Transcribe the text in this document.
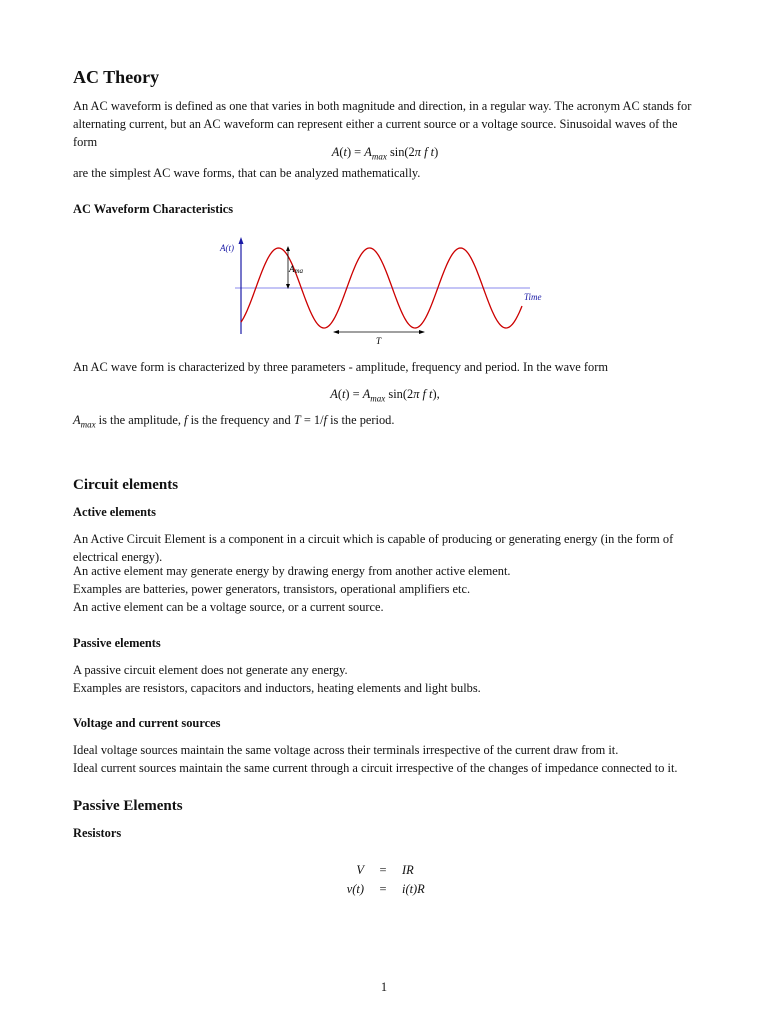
AC Theory

An AC waveform is defined as one that varies in both magnitude and direction, in a regular way. The acronym AC stands for alternating current, but an AC waveform can represent either a current source or a voltage source. Sinusoidal waves of the form

$A(t) = A_{max}$ sin(2π f t)

are the simplest AC wave forms, that can be analyzed mathematically.

AC Waveform Characteristics
Ama
T
A(t)
Time

An AC wave form is characterized by three parameters - amplitude, frequency and period. In the wave form

$A(t) = A_{max}$ sin(2π f t),

$A_{max}$ is the amplitude, f is the frequency and T = 1/f is the period.

Circuit elements
Active elements

An Active Circuit Element is a component in a circuit which is capable of producing or generating energy (in the form of electrical energy).

An active element may generate energy by drawing energy from another active element.

Examples are batteries, power generators, transistors, operational amplifiers etc.

An active element can be a voltage source, or a current source.

Passive elements

A passive circuit element does not generate any energy.

Examples are resistors, capacitors and inductors, heating elements and light bulbs.

Voltage and current sources

Ideal voltage sources maintain the same voltage across their terminals irrespective of the current draw from it.

Ideal current sources maintain the same current through a circuit irrespective of the changes of impedance connected to it.

Passive Elements
Resistors
V	=	IR
v(t)	=	i(t)R
1
